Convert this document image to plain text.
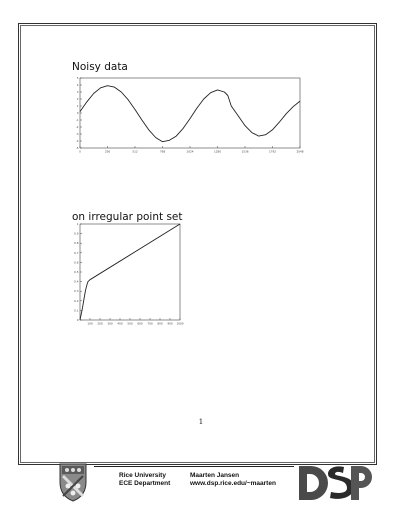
Noisy data
0	256	512	768	1024	1280	1536	1792	2048
-5
-4
-3
-2
-1
0
1
2
3
4
5
on irregular point set
100 200 300 400 500 600 700 800 900 1000
0
0.1
0.2
0.3
0.4
0.5
0.6
0.7
0.8
0.9
1
1
Rice University
ECE Department
Maarten Jansen
www.dsp.rice.edu/~maarten
